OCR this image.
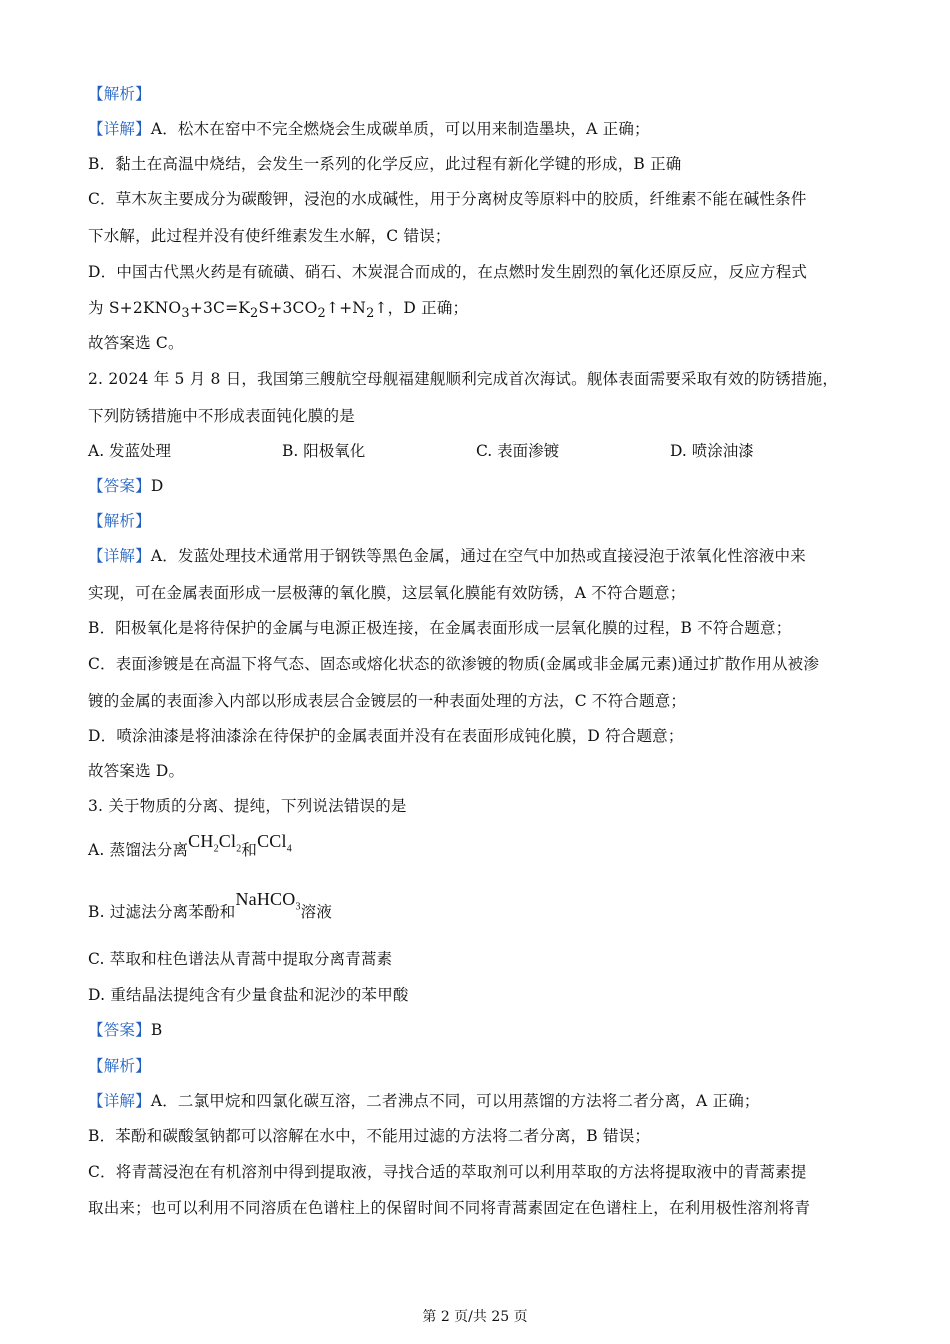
【解析】
【详解】A．松木在窑中不完全燃烧会生成碳单质，可以用来制造墨块，A 正确；
B．黏土在高温中烧结，会发生一系列的化学反应，此过程有新化学键的形成，B 正确
C．草木灰主要成分为碳酸钾，浸泡的水成碱性，用于分离树皮等原料中的胶质，纤维素不能在碱性条件
下水解，此过程并没有使纤维素发生水解，C 错误；
D．中国古代黑火药是有硫磺、硝石、木炭混合而成的，在点燃时发生剧烈的氧化还原反应，反应方程式
为 $S+2KNO_3+3C=K_2S+3CO_2↑+N_2↑$，D 正确；
故答案选 C。
2. 2024 年 5 月 8 日，我国第三艘航空母舰福建舰顺利完成首次海试。舰体表面需要采取有效的防锈措施，
下列防锈措施中不形成表面钝化膜的是
A. 发蓝处理	B. 阳极氧化	C. 表面渗镀	D. 喷涂油漆
【答案】D
【解析】
【详解】A．发蓝处理技术通常用于钢铁等黑色金属，通过在空气中加热或直接浸泡于浓氧化性溶液中来
实现，可在金属表面形成一层极薄的氧化膜，这层氧化膜能有效防锈，A 不符合题意；
B．阳极氧化是将待保护的金属与电源正极连接，在金属表面形成一层氧化膜的过程，B 不符合题意；
C．表面渗镀是在高温下将气态、固态或熔化状态的欲渗镀的物质(金属或非金属元素)通过扩散作用从被渗
镀的金属的表面渗入内部以形成表层合金镀层的一种表面处理的方法，C 不符合题意；
D．喷涂油漆是将油漆涂在待保护的金属表面并没有在表面形成钝化膜，D 符合题意；
故答案选 D。
3. 关于物质的分离、提纯，下列说法错误的是
A. 蒸馏法分离$CH_2Cl_2$和CCl$_4$
B. 过滤法分离苯酚和NaHCO$_3$溶液
C. 萃取和柱色谱法从青蒿中提取分离青蒿素
D. 重结晶法提纯含有少量食盐和泥沙的苯甲酸
【答案】B
【解析】
【详解】A．二氯甲烷和四氯化碳互溶，二者沸点不同，可以用蒸馏的方法将二者分离，A 正确；
B．苯酚和碳酸氢钠都可以溶解在水中，不能用过滤的方法将二者分离，B 错误；
C．将青蒿浸泡在有机溶剂中得到提取液，寻找合适的萃取剂可以利用萃取的方法将提取液中的青蒿素提
取出来；也可以利用不同溶质在色谱柱上的保留时间不同将青蒿素固定在色谱柱上，在利用极性溶剂将青
第 2 页/共 25 页
